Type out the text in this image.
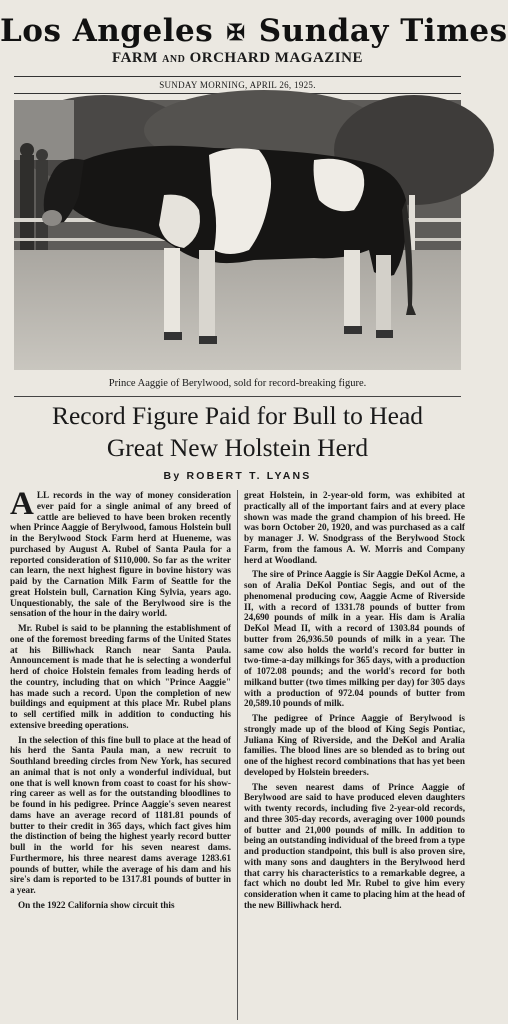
Los Angeles ✠ Sunday Times
FARM AND ORCHARD MAGAZINE
SUNDAY MORNING, APRIL 26, 1925.
Prince Aaggie of Berylwood, sold for record-breaking figure.
Record Figure Paid for Bull to Head
Great New Holstein Herd
By ROBERT T. LYANS

ALL records in the way of money consideration ever paid for a single animal of any breed of cattle are believed to have been broken recently when Prince Aaggie of Berylwood, famous Holstein bull in the Berylwood Stock Farm herd at Hueneme, was purchased by August A. Rubel of Santa Paula for a reported consideration of $110,000. So far as the writer can learn, the next highest figure in bovine history was paid by the Carnation Milk Farm of Seattle for the great Holstein bull, Carnation King Sylvia, years ago. Unquestionably, the sale of the Berylwood sire is the sensation of the hour in the dairy world.

Mr. Rubel is said to be planning the establishment of one of the foremost breeding farms of the United States at his Billiwhack Ranch near Santa Paula. Announcement is made that he is selecting a wonderful herd of choice Holstein females from leading herds of the country, including that on which "Prince Aaggie" has made such a record. Upon the completion of new buildings and equipment at this place Mr. Rubel plans to sell certified milk in addition to conducting his extensive breeding operations.

In the selection of this fine bull to place at the head of his herd the Santa Paula man, a new recruit to Southland breeding circles from New York, has secured an animal that is not only a wonderful individual, but one that is well known from coast to coast for his show-ring career as well as for the outstanding bloodlines to be found in his pedigree. Prince Aaggie's seven nearest dams have an average record of 1181.81 pounds of butter to their credit in 365 days, which fact gives him the distinction of being the highest yearly record butter bull in the world for his seven nearest dams. Furthermore, his three nearest dams average 1283.61 pounds of butter, while the average of his dam and his sire's dam is reported to be 1317.81 pounds of butter in a year.

On the 1922 California show circuit this

great Holstein, in 2-year-old form, was exhibited at practically all of the important fairs and at every place shown was made the grand champion of his breed. He was born October 20, 1920, and was purchased as a calf by manager J. W. Snodgrass of the Berylwood Stock Farm, from the famous A. W. Morris and Company herd at Woodland.

The sire of Prince Aaggie is Sir Aaggie DeKol Acme, a son of Aralia DeKol Pontiac Segis, and out of the phenomenal producing cow, Aaggie Acme of Riverside II, with a record of 1331.78 pounds of butter from 24,690 pounds of milk in a year. His dam is Aralia DeKol Mead II, with a record of 1303.84 pounds of butter from 26,936.50 pounds of milk in a year. The same cow also holds the world's record for butter in two-time-a-day milkings for 365 days, with a production of 1072.08 pounds; and the world's record for both milkand butter (two times milking per day) for 305 days with a production of 972.04 pounds of butter from 20,589.10 pounds of milk.

The pedigree of Prince Aaggie of Berylwood is strongly made up of the blood of King Segis Pontiac, Juliana King of Riverside, and the DeKol and Aralia families. The blood lines are so blended as to bring out one of the highest record combinations that has yet been developed by Holstein breeders.

The seven nearest dams of Prince Aaggie of Berylwood are said to have produced eleven daughters with twenty records, including five 2-year-old records, and three 305-day records, averaging over 1000 pounds of butter and 21,000 pounds of milk. In addition to being an outstanding individual of the breed from a type and production standpoint, this bull is also proven sire, with many sons and daughters in the Berylwood herd that carry his characteristics to a remarkable degree, a fact which no doubt led Mr. Rubel to give him every consideration when it came to placing him at the head of the new Billiwhack herd.
